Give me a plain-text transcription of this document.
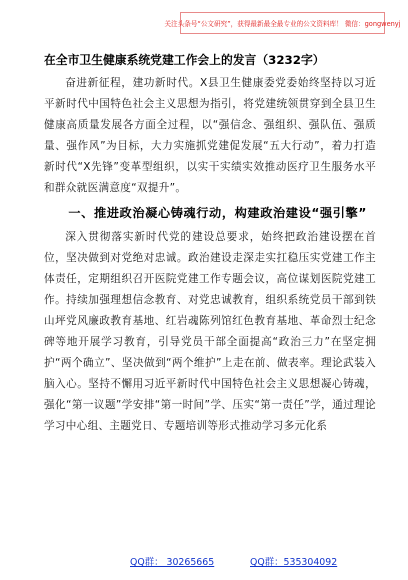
关注头条号“公文研究”，获得最新最全最专业的公文资料库！ 微信：gongwenyj

在全市卫生健康系统党建工作会上的发言（3232字）

奋进新征程，建功新时代。X县卫生健康委党委始终坚持以习近平新时代中国特色社会主义思想为指引，将党建统领贯穿到全县卫生健康高质量发展各方面全过程，以“强信念、强组织、强队伍、强质量、强作风”为目标，大力实施抓党建促发展“五大行动”，着力打造新时代“X先锋”变革型组织，以实干实绩实效推动医疗卫生服务水平和群众就医满意度“双提升”。

一、推进政治凝心铸魂行动，构建政治建设“强引擎”

深入贯彻落实新时代党的建设总要求，始终把政治建设摆在首位，坚决做到对党绝对忠诚。政治建设走深走实扛稳压实党建工作主体责任，定期组织召开医院党建工作专题会议，高位谋划医院党建工作。持续加强理想信念教育、对党忠诚教育，组织系统党员干部到铁山坪党风廉政教育基地、红岩魂陈列馆红色教育基地、革命烈士纪念碑等地开展学习教育，引导党员干部全面提高“政治三力”在坚定拥护“两个确立”、坚决做到“两个维护”上走在前、做表率。理论武装入脑入心。坚持不懈用习近平新时代中国特色社会主义思想凝心铸魂，强化“第一议题”学安排“第一时间”学、压实“第一责任”学，通过理论学习中心组、主题党日、专题培训等形式推动学习多元化系

QQ群： 30265665	QQ群：535304092
